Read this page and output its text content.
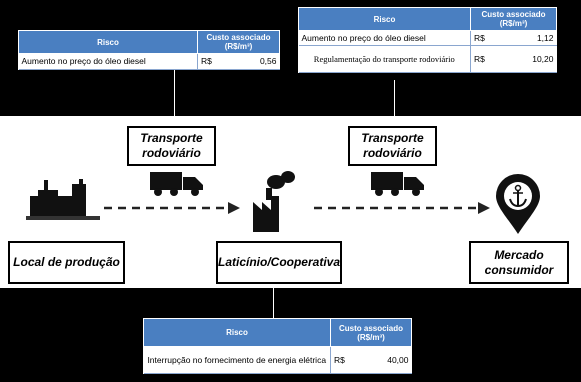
Risco	Custo associado (R$/m³)	
Aumento no preço do óleo diesel	R$	0,56
Risco	Custo associado (R$/m³)	
Aumento no preço do óleo diesel	R$	1,12
Regulamentação do transporte rodoviário	R$	10,20
Risco	Custo associado (R$/m³)	
Interrupção no fornecimento de energia elétrica	R$	40,00
Transporte rodoviário
Transporte rodoviário
Local de produção	Laticínio/Cooperativa
Mercado consumidor
